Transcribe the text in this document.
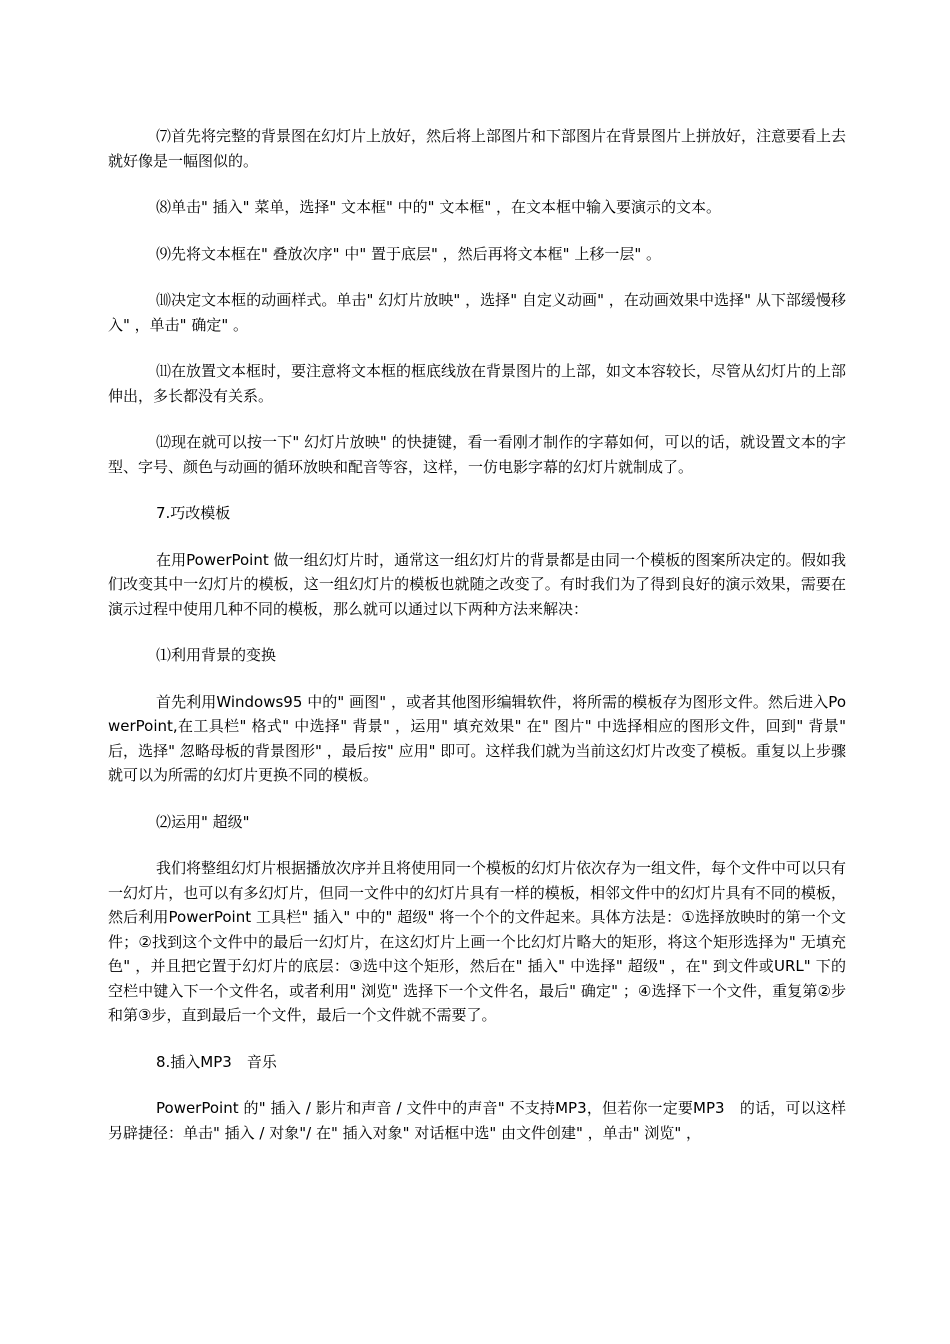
⑺首先将完整的背景图在幻灯片上放好，然后将上部图片和下部图片在背景图片上拼放好，注意要看上去就好像是一幅图似的。

⑻单击" 插入" 菜单，选择" 文本框" 中的" 文本框" ，在文本框中输入要演示的文本。

⑼先将文本框在" 叠放次序" 中" 置于底层" ，然后再将文本框" 上移一层" 。

⑽决定文本框的动画样式。单击" 幻灯片放映" ，选择" 自定义动画" ，在动画效果中选择" 从下部缓慢移入" ，单击" 确定" 。

⑾在放置文本框时，要注意将文本框的框底线放在背景图片的上部，如文本容较长，尽管从幻灯片的上部伸出，多长都没有关系。

⑿现在就可以按一下" 幻灯片放映" 的快捷键，看一看刚才制作的字幕如何，可以的话，就设置文本的字型、字号、颜色与动画的循环放映和配音等容，这样，一仿电影字幕的幻灯片就制成了。

7.巧改模板

在用PowerPoint 做一组幻灯片时，通常这一组幻灯片的背景都是由同一个模板的图案所决定的。假如我们改变其中一幻灯片的模板，这一组幻灯片的模板也就随之改变了。有时我们为了得到良好的演示效果，需要在演示过程中使用几种不同的模板，那么就可以通过以下两种方法来解决：

⑴利用背景的变换

首先利用Windows95 中的" 画图" ，或者其他图形编辑软件，将所需的模板存为图形文件。然后进入PowerPoint,在工具栏" 格式" 中选择" 背景" ，运用" 填充效果" 在" 图片" 中选择相应的图形文件，回到" 背景" 后，选择" 忽略母板的背景图形" ，最后按" 应用" 即可。这样我们就为当前这幻灯片改变了模板。重复以上步骤就可以为所需的幻灯片更换不同的模板。

⑵运用" 超级"

我们将整组幻灯片根据播放次序并且将使用同一个模板的幻灯片依次存为一组文件，每个文件中可以只有一幻灯片，也可以有多幻灯片，但同一文件中的幻灯片具有一样的模板，相邻文件中的幻灯片具有不同的模板，然后利用PowerPoint 工具栏" 插入" 中的" 超级" 将一个个的文件起来。具体方法是：①选择放映时的第一个文件；②找到这个文件中的最后一幻灯片，在这幻灯片上画一个比幻灯片略大的矩形，将这个矩形选择为" 无填充色" ，并且把它置于幻灯片的底层：③选中这个矩形，然后在" 插入" 中选择" 超级" ，在" 到文件或URL" 下的空栏中键入下一个文件名，或者利用" 浏览" 选择下一个文件名，最后" 确定" ；④选择下一个文件，重复第②步和第③步，直到最后一个文件，最后一个文件就不需要了。

8.插入MP3　音乐

PowerPoint 的" 插入 / 影片和声音 / 文件中的声音" 不支持MP3，但若你一定要MP3　的话，可以这样另辟捷径：单击" 插入 / 对象"/ 在" 插入对象" 对话框中选" 由文件创建" ，单击" 浏览" ，
